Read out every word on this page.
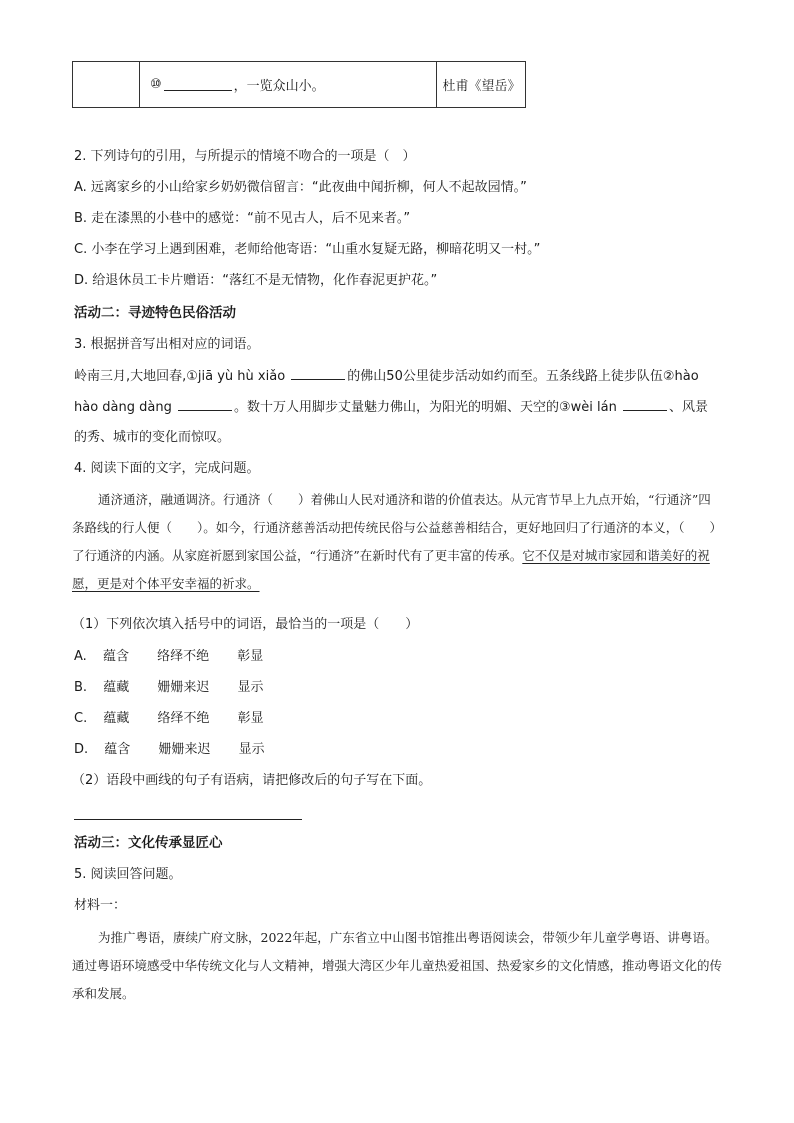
⑩	，一览众山小。	杜甫《望岳》
2. 下列诗句的引用，与所提示的情境不吻合的一项是（　）
A. 远离家乡的小山给家乡奶奶微信留言：“此夜曲中闻折柳，何人不起故园情。”
B. 走在漆黑的小巷中的感觉：“前不见古人，后不见来者。”
C. 小李在学习上遇到困难，老师给他寄语：“山重水复疑无路，柳暗花明又一村。”
D. 给退休员工卡片赠语：“落红不是无情物，化作春泥更护花。”
活动二：寻迹特色民俗活动
3. 根据拼音写出相对应的词语。
岭南三月,大地回春,①jiā yù hù xiǎo	的佛山50公里徒步活动如约而至。五条线路上徒步队伍②hào
hào dàng dàng	。数十万人用脚步丈量魅力佛山，为阳光的明媚、天空的③wèi lán	、风景
的秀、城市的变化而惊叹。
4. 阅读下面的文字，完成问题。
通济通济，融通调济。行通济（　　）着佛山人民对通济和谐的价值表达。从元宵节早上九点开始，“行通济”四条路线的行人便（　　）。如今，行通济慈善活动把传统民俗与公益慈善相结合，更好地回归了行通济的本义，（　　）了行通济的内涵。从家庭祈愿到家国公益，“行通济”在新时代有了更丰富的传承。它不仅是对城市家园和谐美好的祝愿，更是对个体平安幸福的祈求。
（1）下列依次填入括号中的词语，最恰当的一项是（　　）
A. 蕴含 络绎不绝 彰显
B. 蕴藏 姗姗来迟 显示
C. 蕴藏 络绎不绝 彰显
D. 蕴含 姗姗来迟 显示
（2）语段中画线的句子有语病，请把修改后的句子写在下面。
活动三：文化传承显匠心
5. 阅读回答问题。
材料一：
为推广粤语，赓续广府文脉，2022年起，广东省立中山图书馆推出粤语阅读会，带领少年儿童学粤语、讲粤语。通过粤语环境感受中华传统文化与人文精神，增强大湾区少年儿童热爱祖国、热爱家乡的文化情感，推动粤语文化的传承和发展。
